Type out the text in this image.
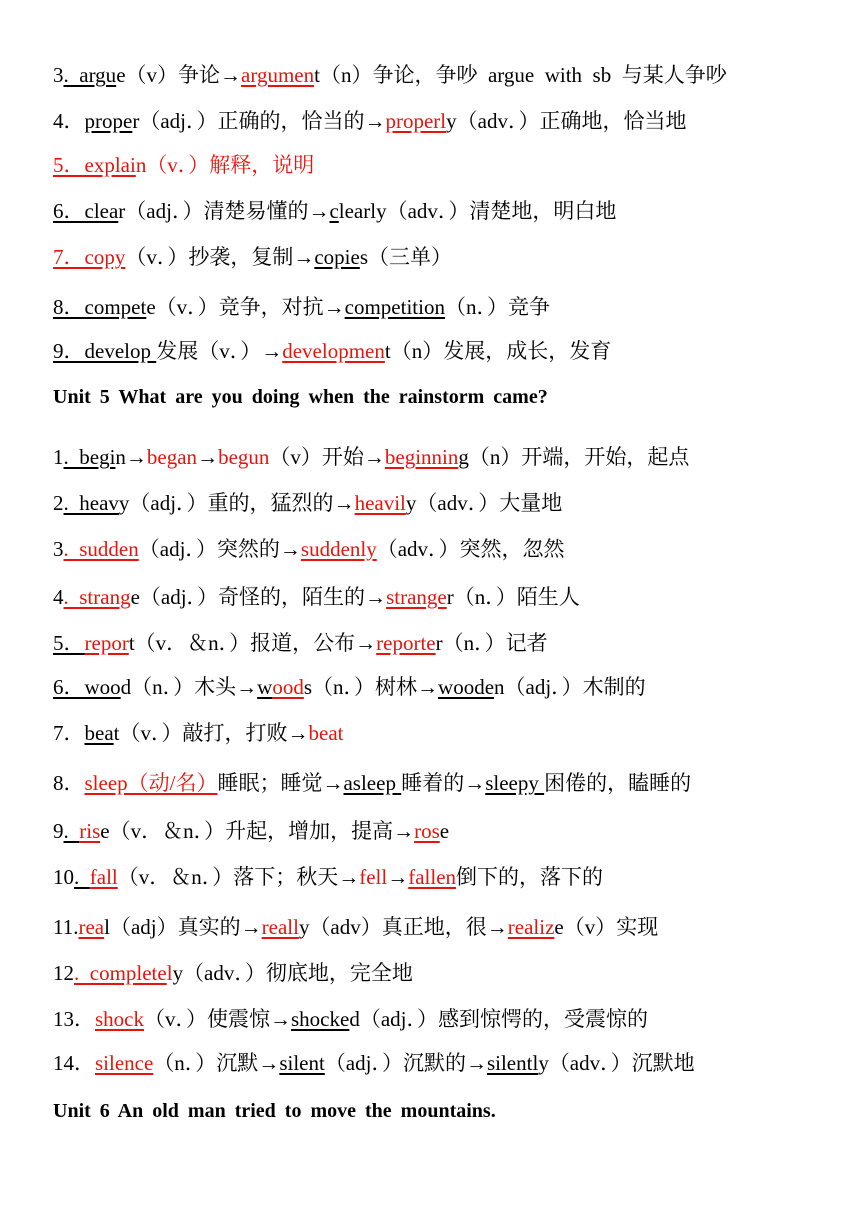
3.  argue（v）争论→argument（n）争论，争吵  argue  with  sb  与某人争吵
4．proper（adj．）正确的，恰当的→properly（adv．）正确地，恰当地
5．explain（v．）解释，说明
6．clear（adj．）清楚易懂的→clearly（adv．）清楚地，明白地
7．copy（v．）抄袭，复制→copies（三单）
8．compete（v．）竞争，对抗→competition（n．）竞争
9．develop 发展（v．）→development（n）发展，成长，发育
Unit 5 What are you doing when the rainstorm came?
1.  begin→began→begun（v）开始→beginning（n）开端，开始，起点
2.  heavy（adj．）重的，猛烈的→heavily（adv．）大量地
3.  sudden（adj．）突然的→suddenly（adv．）突然，忽然
4.  strange（adj．）奇怪的，陌生的→stranger（n．）陌生人
5．report（v．＆n．）报道，公布→reporter（n．）记者
6．wood（n．）木头→woods（n．）树林→wooden（adj．）木制的
7．beat（v．）敲打，打败→beat
8．sleep（动/名）睡眠；睡觉→asleep 睡着的→sleepy 困倦的，瞌睡的
9.  rise（v．＆n．）升起，增加，提高→rose
10.  fall（v．＆n．）落下；秋天→fell→fallen倒下的，落下的
11.real（adj）真实的→really（adv）真正地，很→realize（v）实现
12.  completely（adv．）彻底地，完全地
13．shock（v．）使震惊→shocked（adj．）感到惊愕的，受震惊的
14．silence（n．）沉默→silent（adj．）沉默的→silently（adv．）沉默地
Unit 6 An old man tried to move the mountains.
